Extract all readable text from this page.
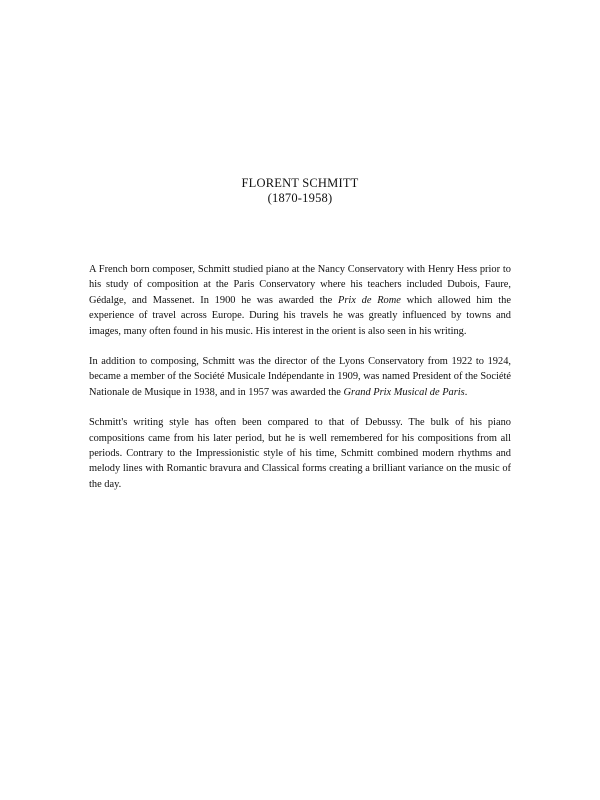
FLORENT SCHMITT
(1870-1958)

A French born composer, Schmitt studied piano at the Nancy Conservatory with Henry Hess prior to his study of composition at the Paris Conservatory where his teachers included Dubois, Faure, Gédalge, and Massenet. In 1900 he was awarded the Prix de Rome which allowed him the experience of travel across Europe. During his travels he was greatly influenced by towns and images, many often found in his music. His interest in the orient is also seen in his writing.

In addition to composing, Schmitt was the director of the Lyons Conservatory from 1922 to 1924, became a member of the Société Musicale Indépendante in 1909, was named President of the Société Nationale de Musique in 1938, and in 1957 was awarded the Grand Prix Musical de Paris.

Schmitt's writing style has often been compared to that of Debussy. The bulk of his piano compositions came from his later period, but he is well remembered for his compositions from all periods. Contrary to the Impressionistic style of his time, Schmitt combined modern rhythms and melody lines with Romantic bravura and Classical forms creating a brilliant variance on the music of the day.
